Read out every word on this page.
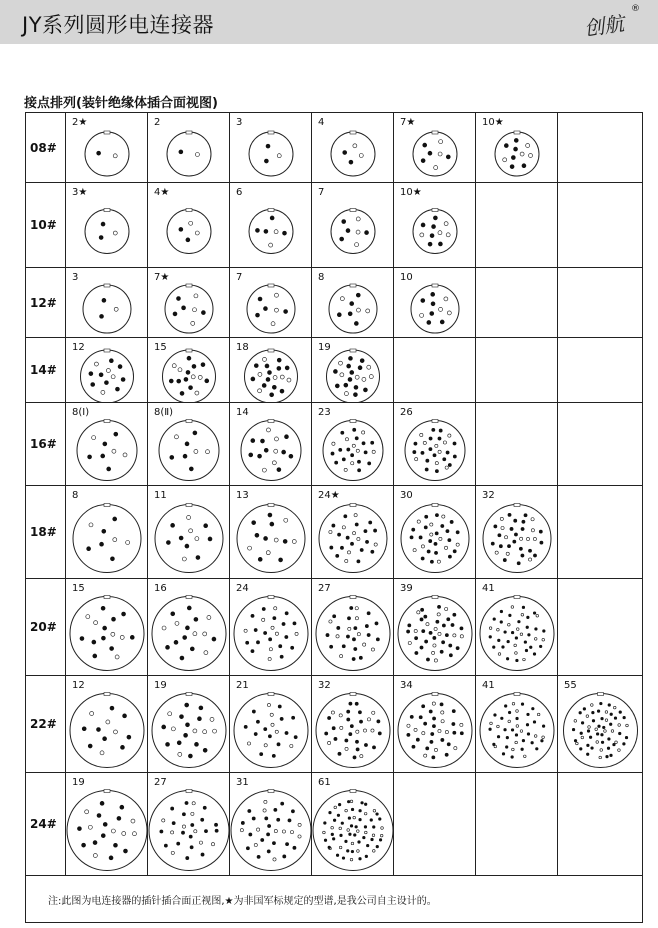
JY系列圆形电连接器	创航
®
接点排列(装针绝缘体插合面视图)
08#	2★	2	3	4	7★	10★	

10#	3★	4★	6	7	10★		

12#	3	7★	7	8	10		

14#	12	15	18	19			

16#	8(Ⅰ)	8(Ⅱ)	14	23	26		

18#	8	11	13	24★	30	32	

20#	15	16	24	27	39	41	

22#	12	19	21	32	34	41	55

24#	19	27	31	61			

注:此图为电连接器的插针插合面正视图,★为非国军标规定的型谱,是我公司自主设计的。							
